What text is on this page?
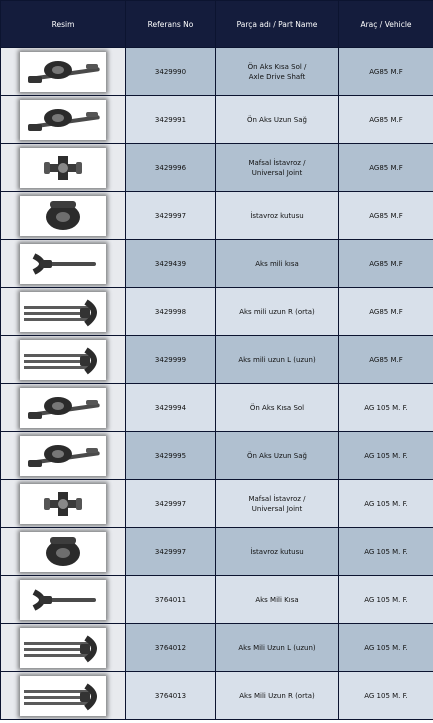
Resim	Referans No	Parça adı / Part Name	Araç / Vehicle

	3429990	Ön Aks Kısa Sol /
Axle Drive Shaft	AG85 M.F

	3429991	Ön Aks Uzun Sağ	AG85 M.F

	3429996	Mafsal İstavroz /
Universal Joint	AG85 M.F

	3429997	İstavroz kutusu	AG85 M.F

	3429439	Aks mili kısa	AG85 M.F

	3429998	Aks mili uzun R (orta)	AG85 M.F

	3429999	Aks mili uzun L (uzun)	AG85 M.F

	3429994	Ön Aks Kısa Sol	AG 105 M. F.

	3429995	Ön Aks Uzun Sağ	AG 105 M. F.

	3429997	Mafsal İstavroz /
Universal Joint	AG 105 M. F.

	3429997	İstavroz kutusu	AG 105 M. F.

	3764011	Aks Mili Kısa	AG 105 M. F.

	3764012	Aks Mili Uzun L (uzun)	AG 105 M. F.

	3764013	Aks Mili Uzun R (orta)	AG 105 M. F.
